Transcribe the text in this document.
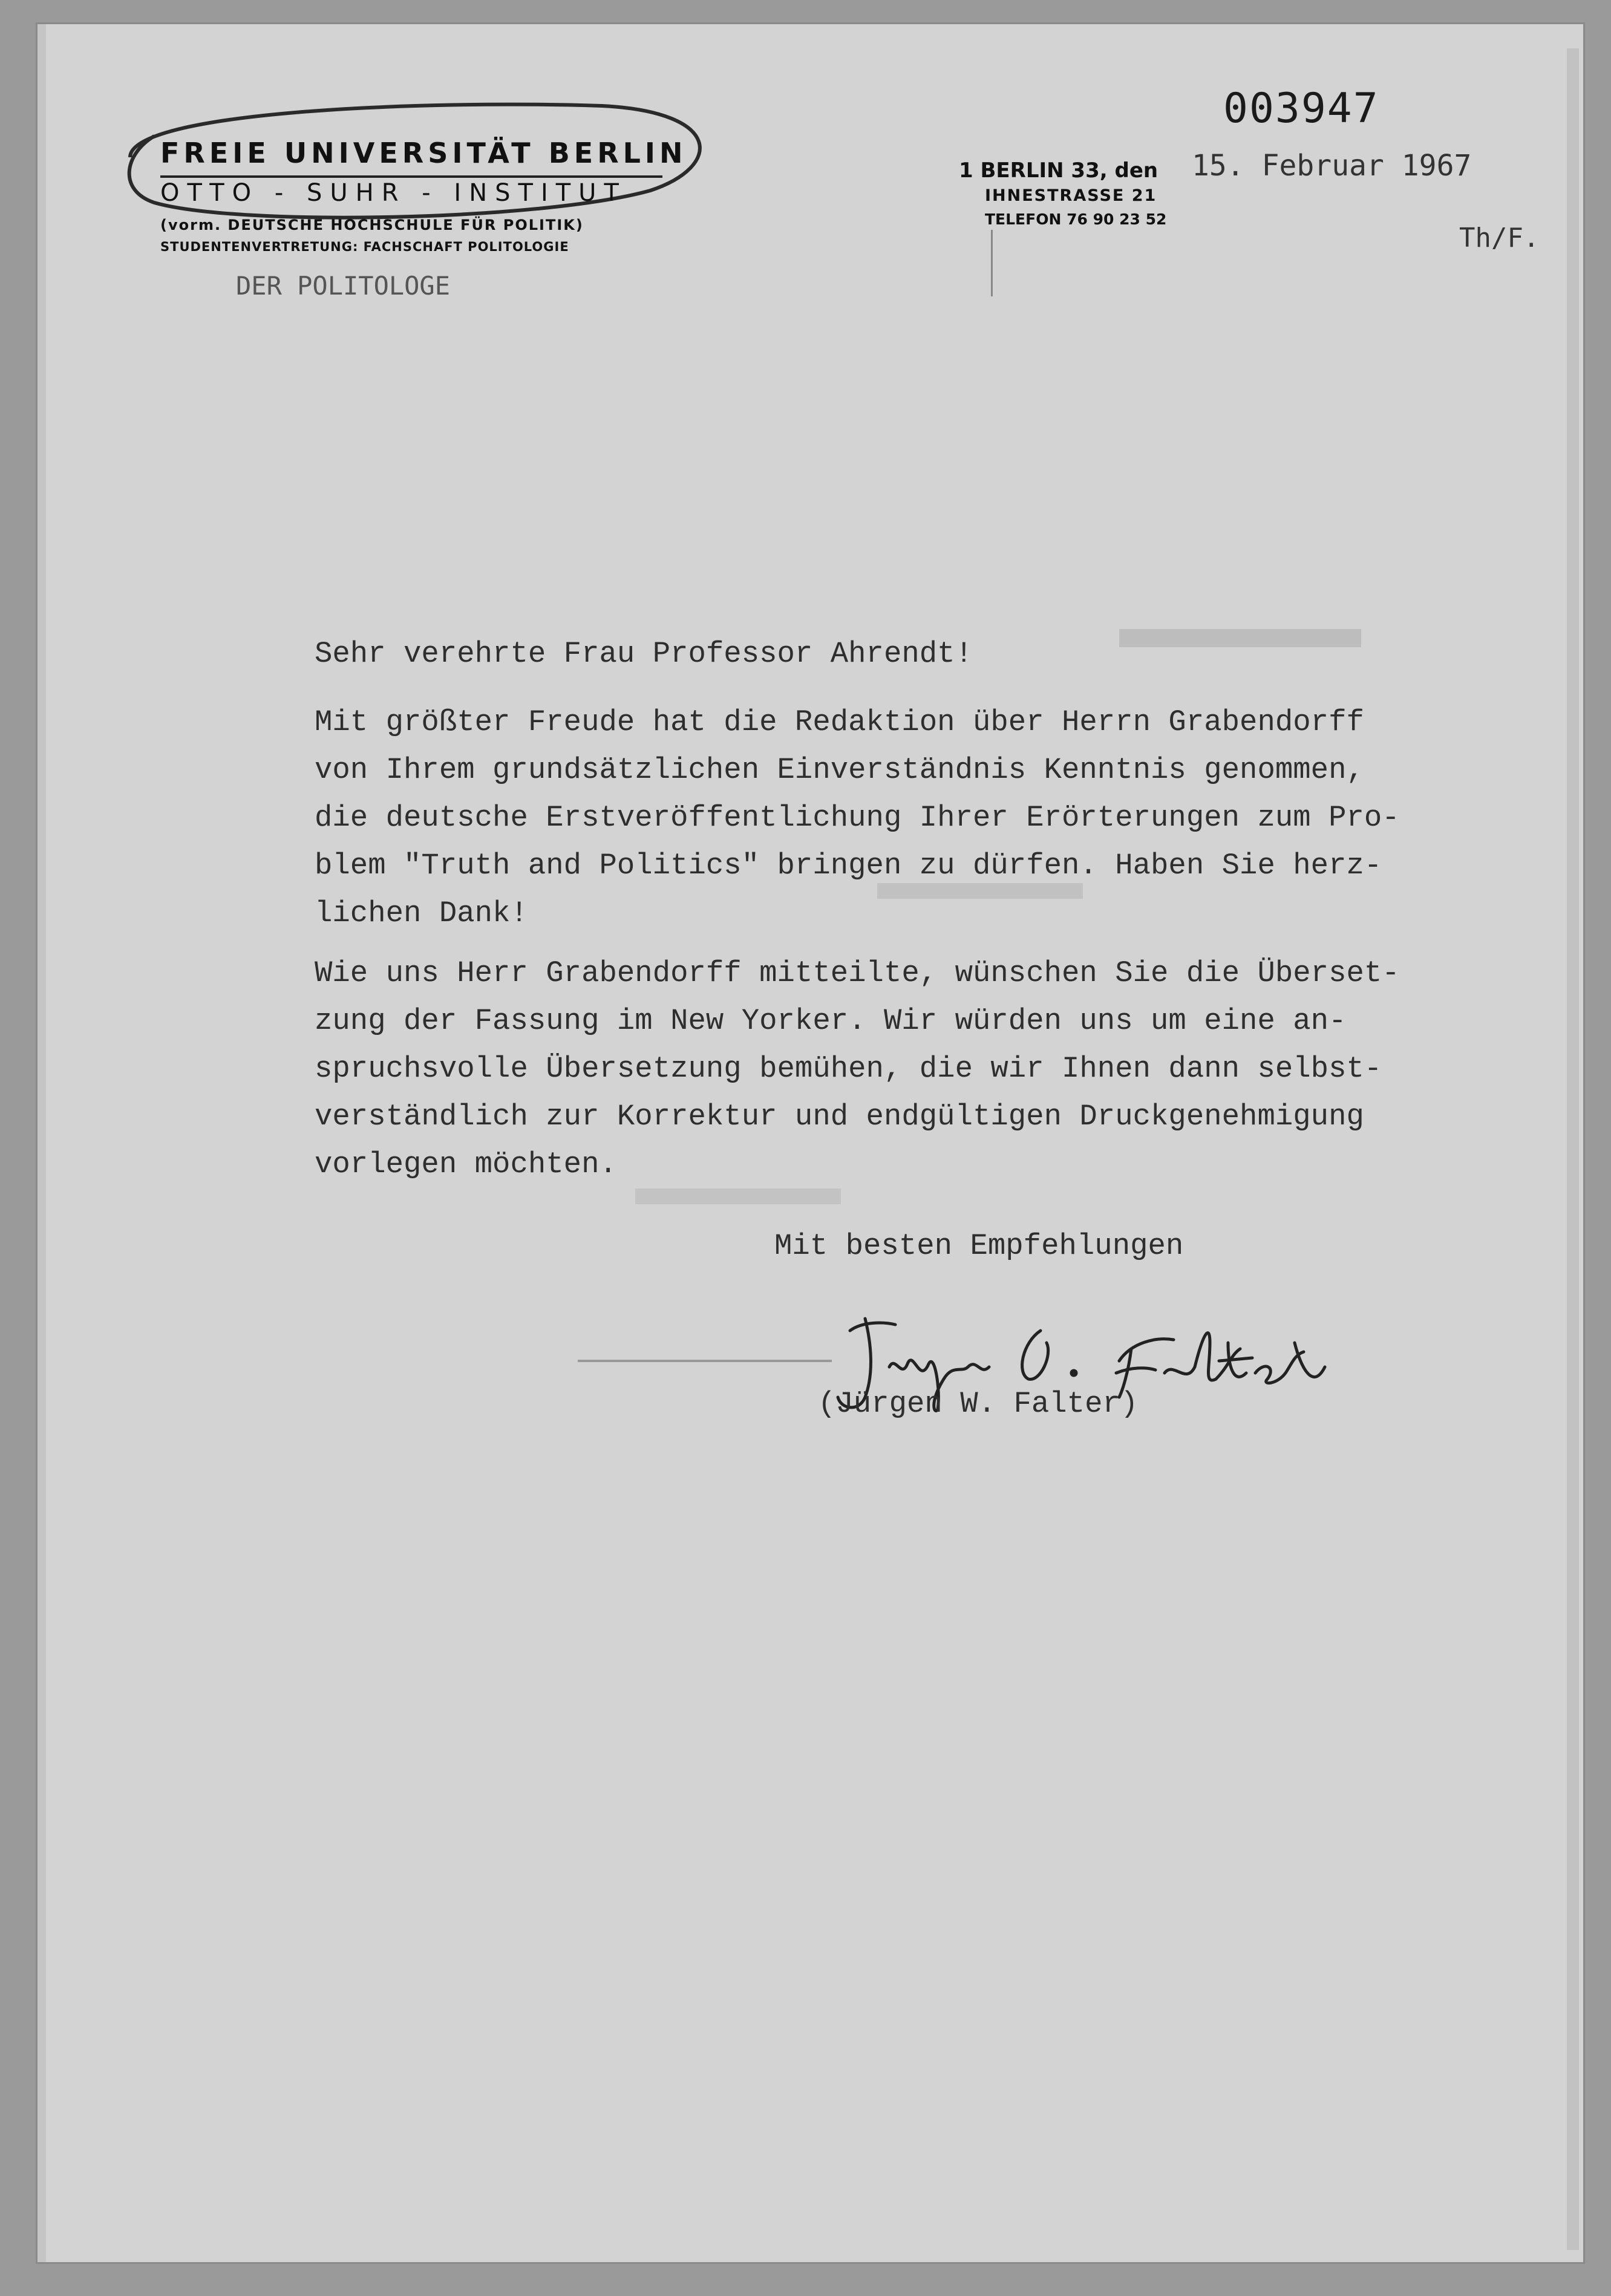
FREIE UNIVERSITÄT BERLIN
OTTO - SUHR - INSTITUT
(vorm. DEUTSCHE HOCHSCHULE FÜR POLITIK)
STUDENTENVERTRETUNG: FACHSCHAFT POLITOLOGIE
DER POLITOLOGE
1 BERLIN 33, den
IHNESTRASSE 21
TELEFON 76 90 23 52
003947
15. Februar 1967
Th/F.
Sehr verehrte Frau Professor Ahrendt!
Mit größter Freude hat die Redaktion über Herrn Grabendorff
von Ihrem grundsätzlichen Einverständnis Kenntnis genommen,
die deutsche Erstveröffentlichung Ihrer Erörterungen zum Pro-
blem "Truth and Politics" bringen zu dürfen. Haben Sie herz-
lichen Dank!
Wie uns Herr Grabendorff mitteilte, wünschen Sie die Überset-
zung der Fassung im New Yorker. Wir würden uns um eine an-
spruchsvolle Übersetzung bemühen, die wir Ihnen dann selbst-
verständlich zur Korrektur und endgültigen Druckgenehmigung
vorlegen möchten.
Mit besten Empfehlungen
(Jürgen W. Falter)
